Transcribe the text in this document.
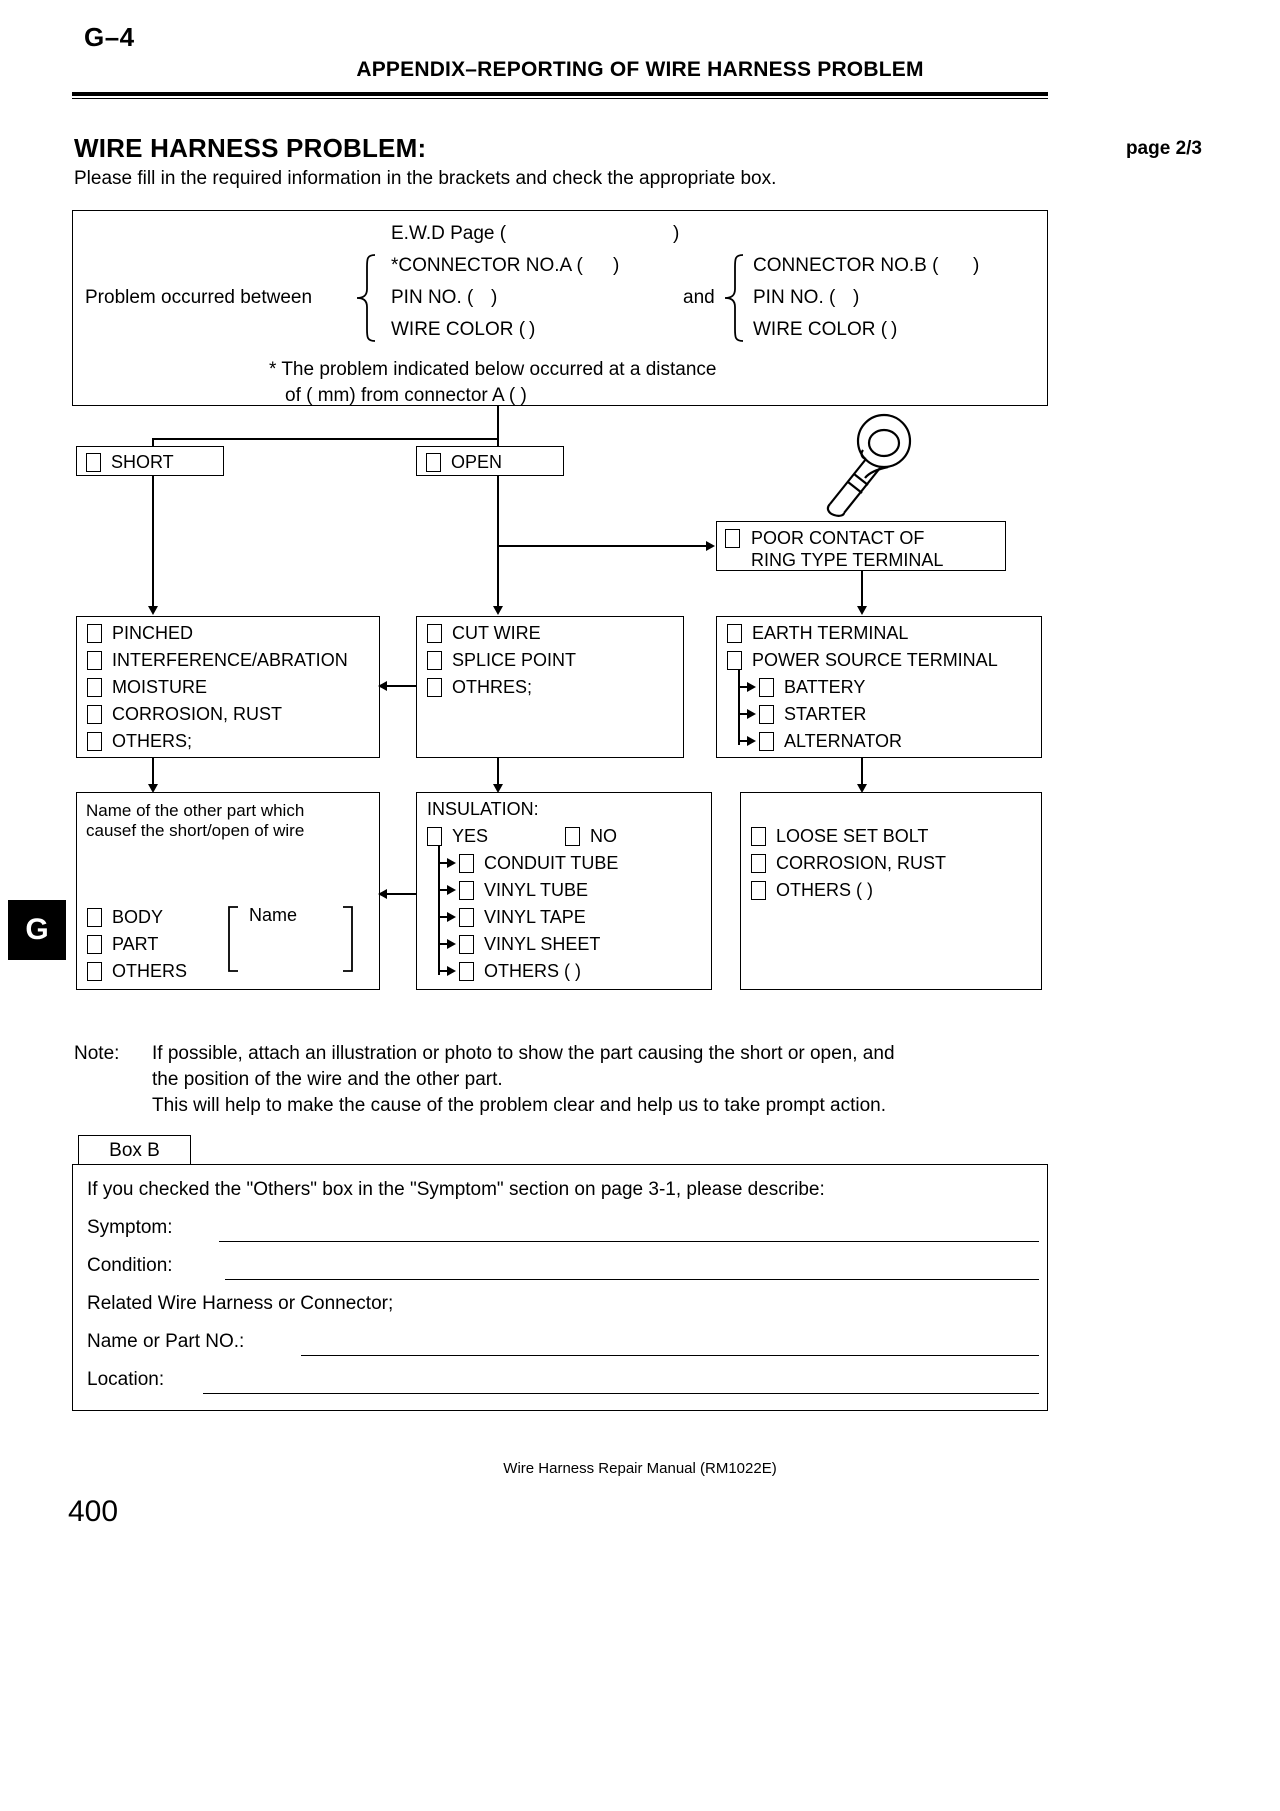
G–4
APPENDIX–REPORTING OF WIRE HARNESS PROBLEM
WIRE HARNESS PROBLEM:	page 2/3
Please fill in the required information in the brackets and check the appropriate box.
E.W.D Page (	)
Problem occurred between
*CONNECTOR NO.A ( )
PIN NO. ( )
WIRE COLOR ( )
and
CONNECTOR NO.B ( )
PIN NO. ( )
WIRE COLOR ( )
* The problem indicated below occurred at a distance
of ( mm) from connector A ( )
SHORT	OPEN
POOR CONTACT OF
RING TYPE TERMINAL
PINCHED
INTERFERENCE/ABRATION
MOISTURE
CORROSION, RUST
OTHERS;
CUT WIRE
SPLICE POINT
OTHRES;
EARTH TERMINAL
POWER SOURCE TERMINAL
BATTERY
STARTER
ALTERNATOR
Name of the other part which
causef the short/open of wire
BODY
PART
OTHERS
Name
INSULATION:
YES	NO
CONDUIT TUBE
VINYL TUBE
VINYL TAPE
VINYL SHEET
OTHERS ( )
LOOSE SET BOLT
CORROSION, RUST
OTHERS ( )
G
Note: If possible, attach an illustration or photo to show the part causing the short or open, and
the position of the wire and the other part.
This will help to make the cause of the problem clear and help us to take prompt action.
Box B
If you checked the "Others" box in the "Symptom" section on page 3-1, please describe:
Symptom:
Condition:
Related Wire Harness or Connector;
Name or Part NO.:
Location:
Wire Harness Repair Manual (RM1022E)
400
